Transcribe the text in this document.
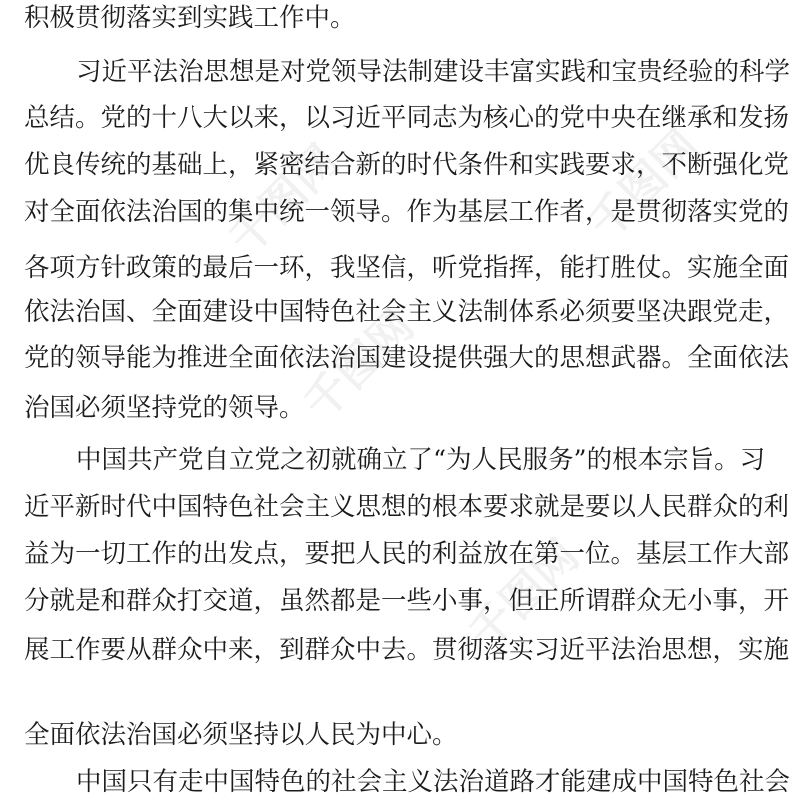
千图网	千图网
千图网
千图网
积极贯彻落实到实践工作中。
习近平法治思想是对党领导法制建设丰富实践和宝贵经验的科学
总结。党的十八大以来，以习近平同志为核心的党中央在继承和发扬
优良传统的基础上，紧密结合新的时代条件和实践要求，不断强化党
对全面依法治国的集中统一领导。作为基层工作者，是贯彻落实党的
各项方针政策的最后一环，我坚信，听党指挥，能打胜仗。实施全面
依法治国、全面建设中国特色社会主义法制体系必须要坚决跟党走，
党的领导能为推进全面依法治国建设提供强大的思想武器。全面依法
治国必须坚持党的领导。
中国共产党自立党之初就确立了“为人民服务”的根本宗旨。习
近平新时代中国特色社会主义思想的根本要求就是要以人民群众的利
益为一切工作的出发点，要把人民的利益放在第一位。基层工作大部
分就是和群众打交道，虽然都是一些小事，但正所谓群众无小事，开
展工作要从群众中来，到群众中去。贯彻落实习近平法治思想，实施
全面依法治国必须坚持以人民为中心。
中国只有走中国特色的社会主义法治道路才能建成中国特色社会
